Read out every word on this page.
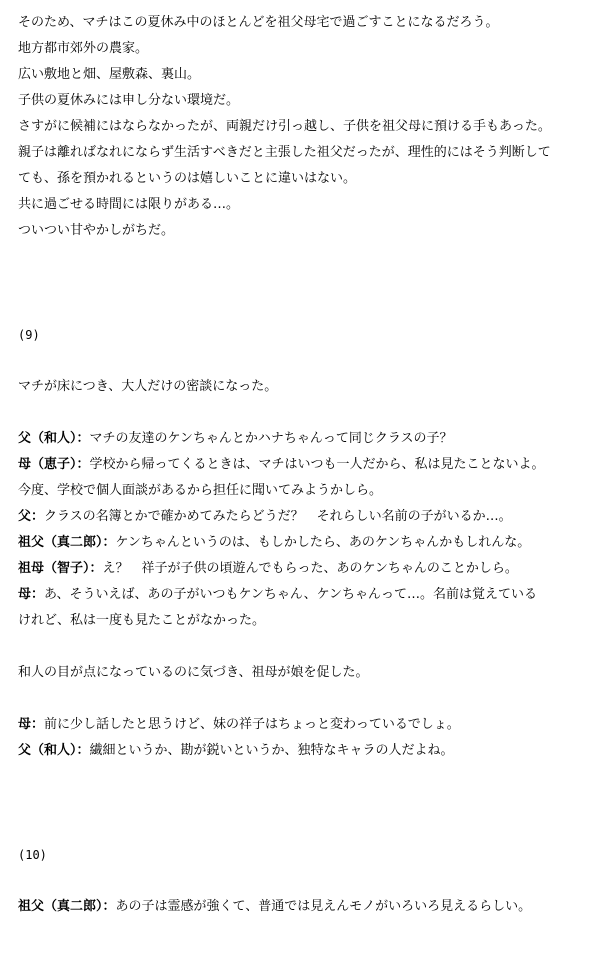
そのため、マチはこの夏休み中のほとんどを祖父母宅で過ごすことになるだろう。
地方都市郊外の農家。
広い敷地と畑、屋敷森、裏山。
子供の夏休みには申し分ない環境だ。
さすがに候補にはならなかったが、両親だけ引っ越し、子供を祖父母に預ける手もあった。
親子は離ればなれにならず生活すべきだと主張した祖父だったが、理性的にはそう判断して
ても、孫を預かれるというのは嬉しいことに違いはない。
共に過ごせる時間には限りがある…。
ついつい甘やかしがちだ。
(9)
マチが床につき、大人だけの密談になった。
父（和人）：マチの友達のケンちゃんとかハナちゃんって同じクラスの子？
母（恵子）：学校から帰ってくるときは、マチはいつも一人だから、私は見たことないよ。
今度、学校で個人面談があるから担任に聞いてみようかしら。
父：クラスの名簿とかで確かめてみたらどうだ？　それらしい名前の子がいるか…。
祖父（真二郎）：ケンちゃんというのは、もしかしたら、あのケンちゃんかもしれんな。
祖母（智子）：え？　祥子が子供の頃遊んでもらった、あのケンちゃんのことかしら。
母：あ、そういえば、あの子がいつもケンちゃん、ケンちゃんって…。名前は覚えている
けれど、私は一度も見たことがなかった。
和人の目が点になっているのに気づき、祖母が娘を促した。
母：前に少し話したと思うけど、妹の祥子はちょっと変わっているでしょ。
父（和人）：繊細というか、勘が鋭いというか、独特なキャラの人だよね。
(10)
祖父（真二郎）：あの子は霊感が強くて、普通では見えんモノがいろいろ見えるらしい。
